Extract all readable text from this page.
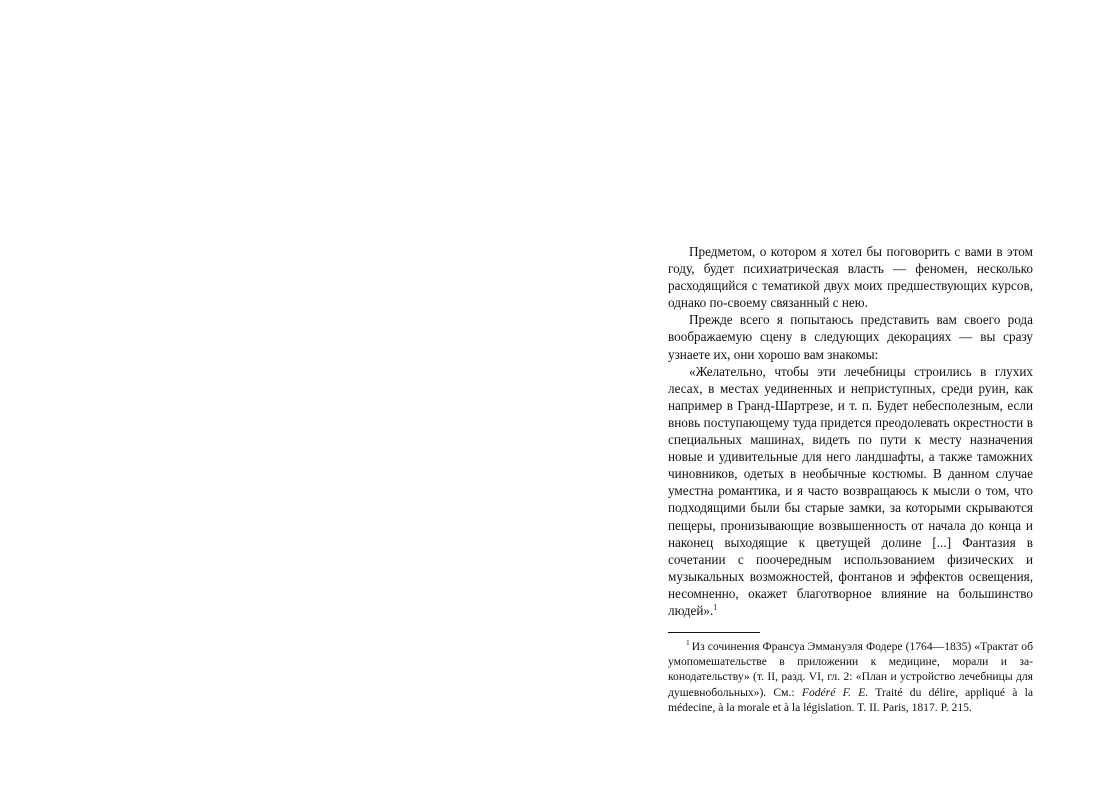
Предметом, о котором я хотел бы поговорить с вами в этом году, будет психиатрическая власть — феномен, несколько расходящийся с тематикой двух моих предшествующих курсов, однако по-своему связанный с нею.

Прежде всего я попытаюсь представить вам своего рода воображаемую сцену в следующих декорациях — вы сразу узнаете их, они хорошо вам знакомы:

«Желательно, чтобы эти лечебницы строились в глухих лесах, в местах уединенных и неприступных, среди руин, как например в Гранд-Шартрезе, и т. п. Будет небесполезным, если вновь поступающему туда придется преодолевать окрестности в специальных машинах, видеть по пути к месту назначения новые и удивительные для него ландшафты, а также таможних чиновников, одетых в необычные костюмы. В данном случае уместна романтика, и я часто возвращаюсь к мысли о том, что подходящими были бы старые замки, за которыми скрываются пещеры, пронизывающие возвышенность от начала до конца и наконец выходящие к цветущей долине [...] Фантазия в сочетании с поочередным использованием физических и музыкальных возможностей, фонтанов и эффектов освещения, несомненно, окажет благотворное влияние на большинство людей».$^1$

$^1$ Из сочинения Франсуа Эммануэля Фодере (1764—1835) «Трактат об умопомешательстве в приложении к медицине, морали и законодательству» (т. II, разд. VI, гл. 2: «План и устройство лечебницы для душевнобольных»). См.: Fodéré F. E. Traité du délire, appliqué à la médecine, à la morale et à la législation. T. II. Paris, 1817. P. 215.
